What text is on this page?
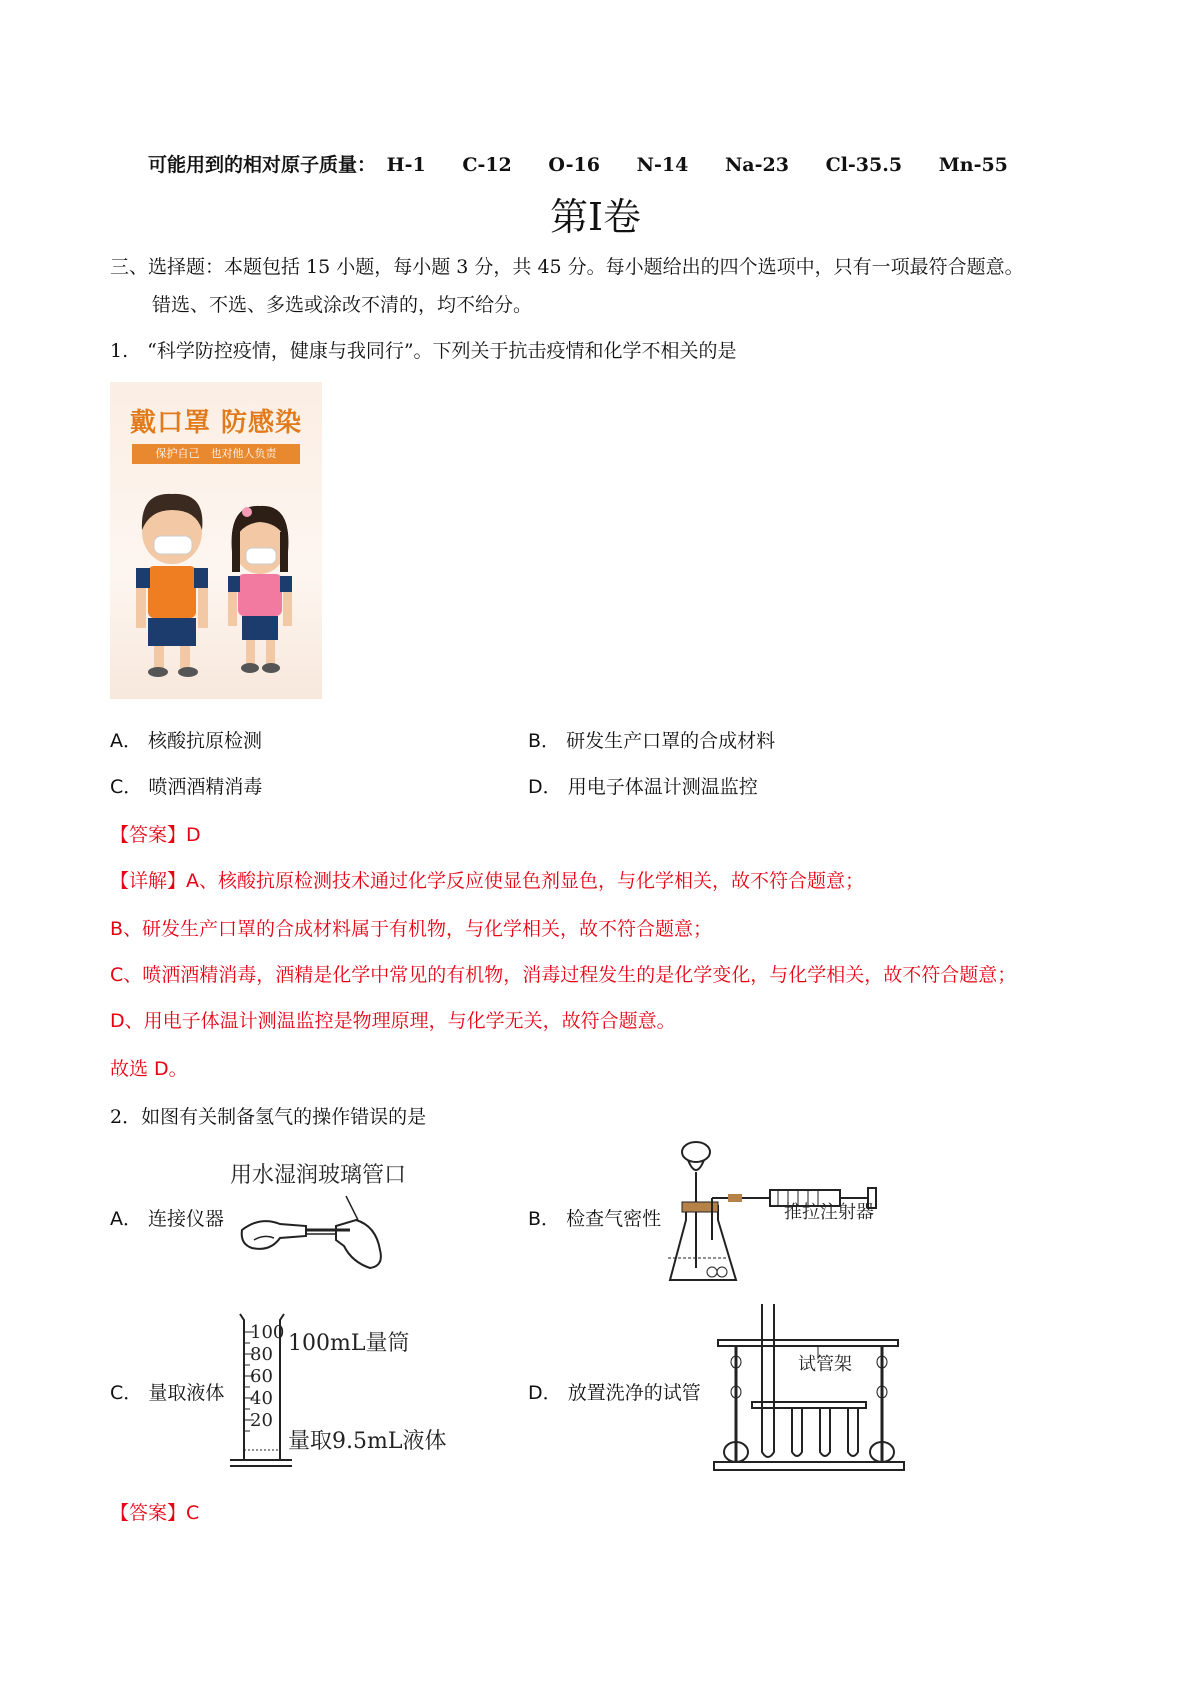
可能用到的相对原子质量： H-1 C-12 O-16 N-14 Na-23 Cl-35.5 Mn-55
第I卷
三、选择题：本题包括 15 小题，每小题 3 分，共 45 分。每小题给出的四个选项中，只有一项最符合题意。
错选、不选、多选或涂改不清的，均不给分。
1.　“科学防控疫情，健康与我同行”。下列关于抗击疫情和化学不相关的是
戴口罩 防感染
保护自己　也对他人负责
A． 核酸抗原检测	B． 研发生产口罩的合成材料
C． 喷洒酒精消毒	D． 用电子体温计测温监控
【答案】D
【详解】A、核酸抗原检测技术通过化学反应使显色剂显色，与化学相关，故不符合题意；
B、研发生产口罩的合成材料属于有机物，与化学相关，故不符合题意；
C、喷洒酒精消毒，酒精是化学中常见的有机物，消毒过程发生的是化学变化，与化学相关，故不符合题意；
D、用电子体温计测温监控是物理原理，与化学无关，故符合题意。
故选 D。
2．如图有关制备氢气的操作错误的是
A． 连接仪器
用水湿润玻璃管口
B． 检查气密性	推拉注射器
C． 量取液体
100
80
60
40
20
100mL量筒
量取9.5mL液体
D． 放置洗净的试管
试管架
【答案】C
